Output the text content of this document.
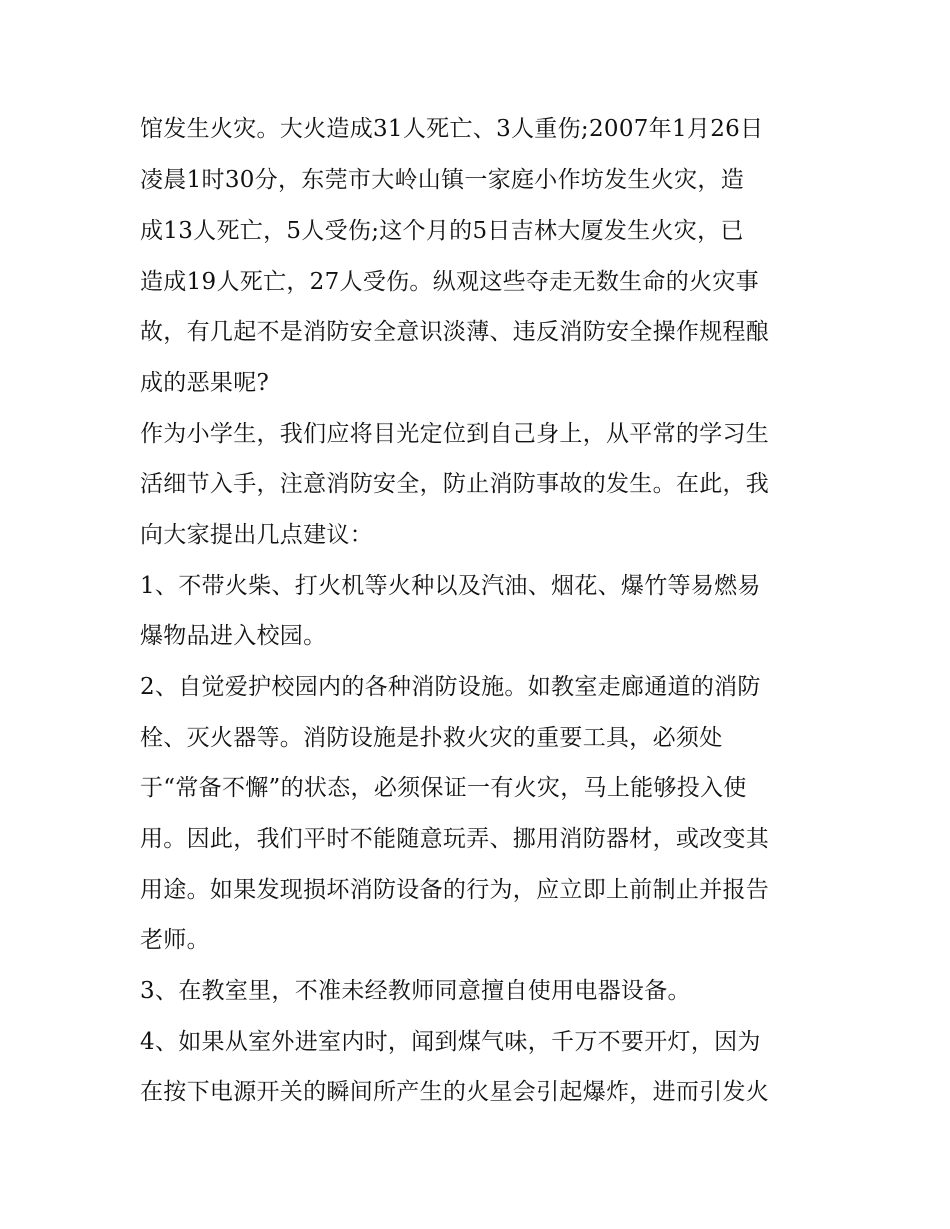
馆发生火灾。大火造成31人死亡、3人重伤;2007年1月26日
凌晨1时30分，东莞市大岭山镇一家庭小作坊发生火灾，造
成13人死亡，5人受伤;这个月的5日吉林大厦发生火灾，已
造成19人死亡，27人受伤。纵观这些夺走无数生命的火灾事
故，有几起不是消防安全意识淡薄、违反消防安全操作规程酿
成的恶果呢?
作为小学生，我们应将目光定位到自己身上，从平常的学习生
活细节入手，注意消防安全，防止消防事故的发生。在此，我
向大家提出几点建议：
1、不带火柴、打火机等火种以及汽油、烟花、爆竹等易燃易
爆物品进入校园。
2、自觉爱护校园内的各种消防设施。如教室走廊通道的消防
栓、灭火器等。消防设施是扑救火灾的重要工具，必须处
于“常备不懈”的状态，必须保证一有火灾，马上能够投入使
用。因此，我们平时不能随意玩弄、挪用消防器材，或改变其
用途。如果发现损坏消防设备的行为，应立即上前制止并报告
老师。
3、在教室里，不准未经教师同意擅自使用电器设备。
4、如果从室外进室内时，闻到煤气味，千万不要开灯，因为
在按下电源开关的瞬间所产生的火星会引起爆炸，进而引发火
